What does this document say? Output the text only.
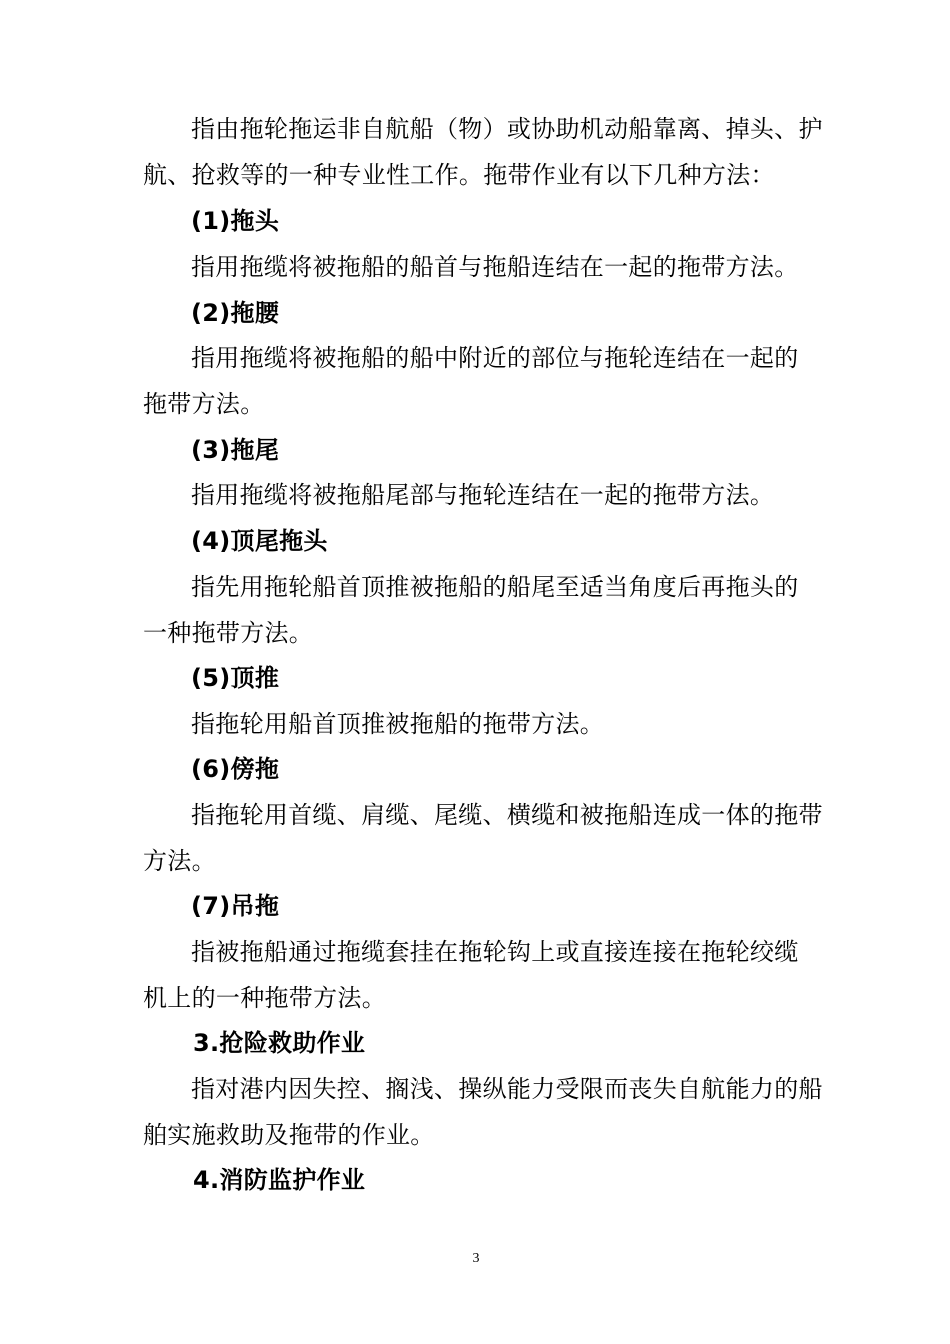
指由拖轮拖运非自航船（物）或协助机动船靠离、掉头、护
航、抢救等的一种专业性工作。拖带作业有以下几种方法：
(1)拖头
指用拖缆将被拖船的船首与拖船连结在一起的拖带方法。
(2)拖腰
指用拖缆将被拖船的船中附近的部位与拖轮连结在一起的
拖带方法。
(3)拖尾
指用拖缆将被拖船尾部与拖轮连结在一起的拖带方法。
(4)顶尾拖头
指先用拖轮船首顶推被拖船的船尾至适当角度后再拖头的
一种拖带方法。
(5)顶推
指拖轮用船首顶推被拖船的拖带方法。
(6)傍拖
指拖轮用首缆、肩缆、尾缆、横缆和被拖船连成一体的拖带
方法。
(7)吊拖
指被拖船通过拖缆套挂在拖轮钩上或直接连接在拖轮绞缆
机上的一种拖带方法。
3.抢险救助作业
指对港内因失控、搁浅、操纵能力受限而丧失自航能力的船
舶实施救助及拖带的作业。
4.消防监护作业
3
